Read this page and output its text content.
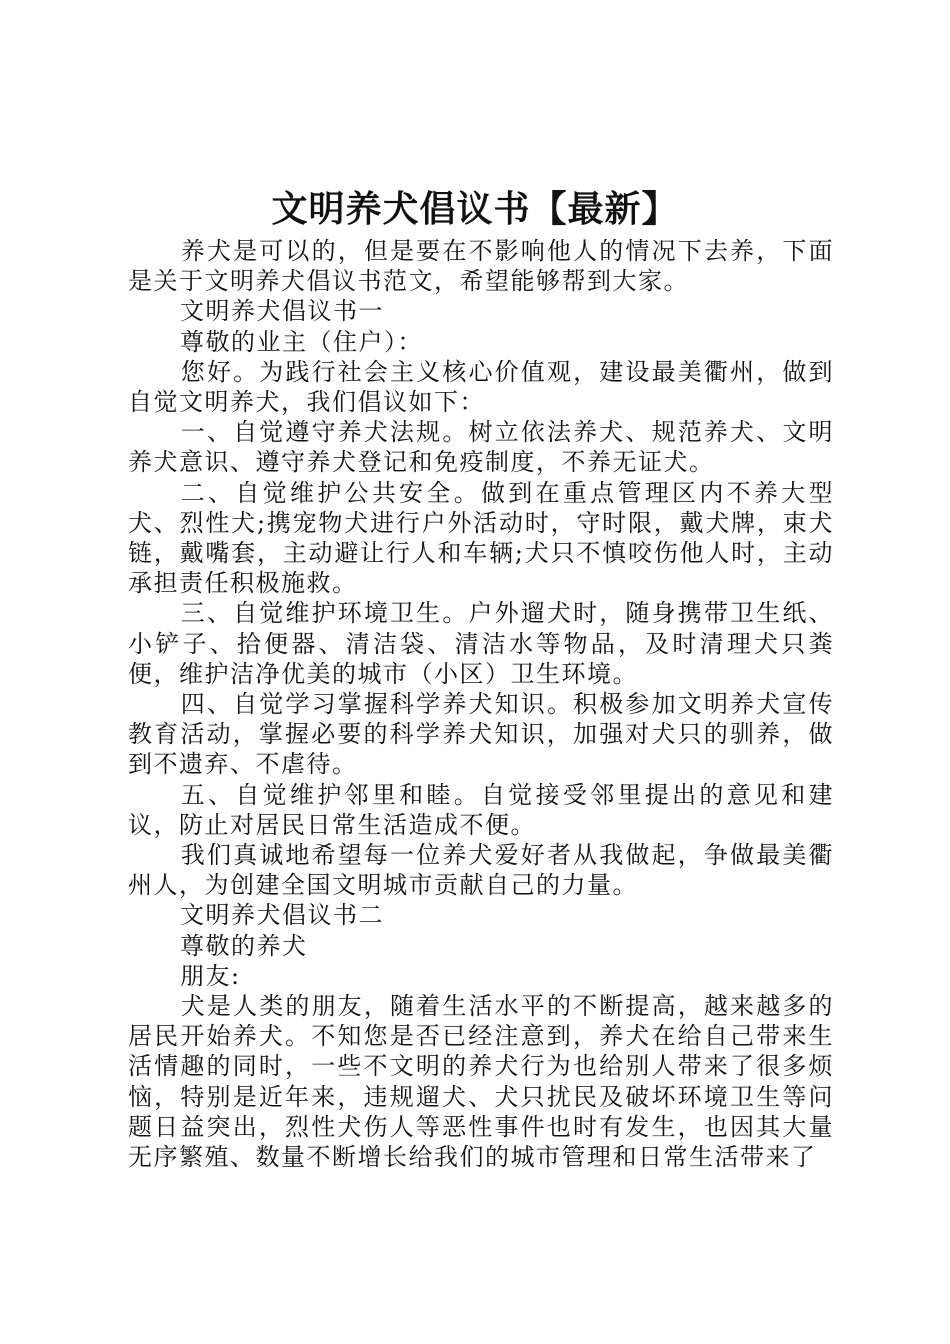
文明养犬倡议书【最新】

养犬是可以的，但是要在不影响他人的情况下去养，下面是关于文明养犬倡议书范文，希望能够帮到大家。

文明养犬倡议书一

尊敬的业主（住户）：

您好。为践行社会主义核心价值观，建设最美衢州，做到自觉文明养犬，我们倡议如下：

一、自觉遵守养犬法规。树立依法养犬、规范养犬、文明养犬意识、遵守养犬登记和免疫制度，不养无证犬。

二、自觉维护公共安全。做到在重点管理区内不养大型犬、烈性犬;携宠物犬进行户外活动时，守时限，戴犬牌，束犬链，戴嘴套，主动避让行人和车辆;犬只不慎咬伤他人时，主动承担责任积极施救。

三、自觉维护环境卫生。户外遛犬时，随身携带卫生纸、小铲子、拾便器、清洁袋、清洁水等物品，及时清理犬只粪便，维护洁净优美的城市（小区）卫生环境。

四、自觉学习掌握科学养犬知识。积极参加文明养犬宣传教育活动，掌握必要的科学养犬知识，加强对犬只的驯养，做到不遗弃、不虐待。

五、自觉维护邻里和睦。自觉接受邻里提出的意见和建议，防止对居民日常生活造成不便。

我们真诚地希望每一位养犬爱好者从我做起，争做最美衢州人，为创建全国文明城市贡献自己的力量。

文明养犬倡议书二

尊敬的养犬

朋友:

犬是人类的朋友，随着生活水平的不断提高，越来越多的居民开始养犬。不知您是否已经注意到，养犬在给自己带来生活情趣的同时，一些不文明的养犬行为也给别人带来了很多烦恼，特别是近年来，违规遛犬、犬只扰民及破坏环境卫生等问题日益突出，烈性犬伤人等恶性事件也时有发生，也因其大量无序繁殖、数量不断增长给我们的城市管理和日常生活带来了
